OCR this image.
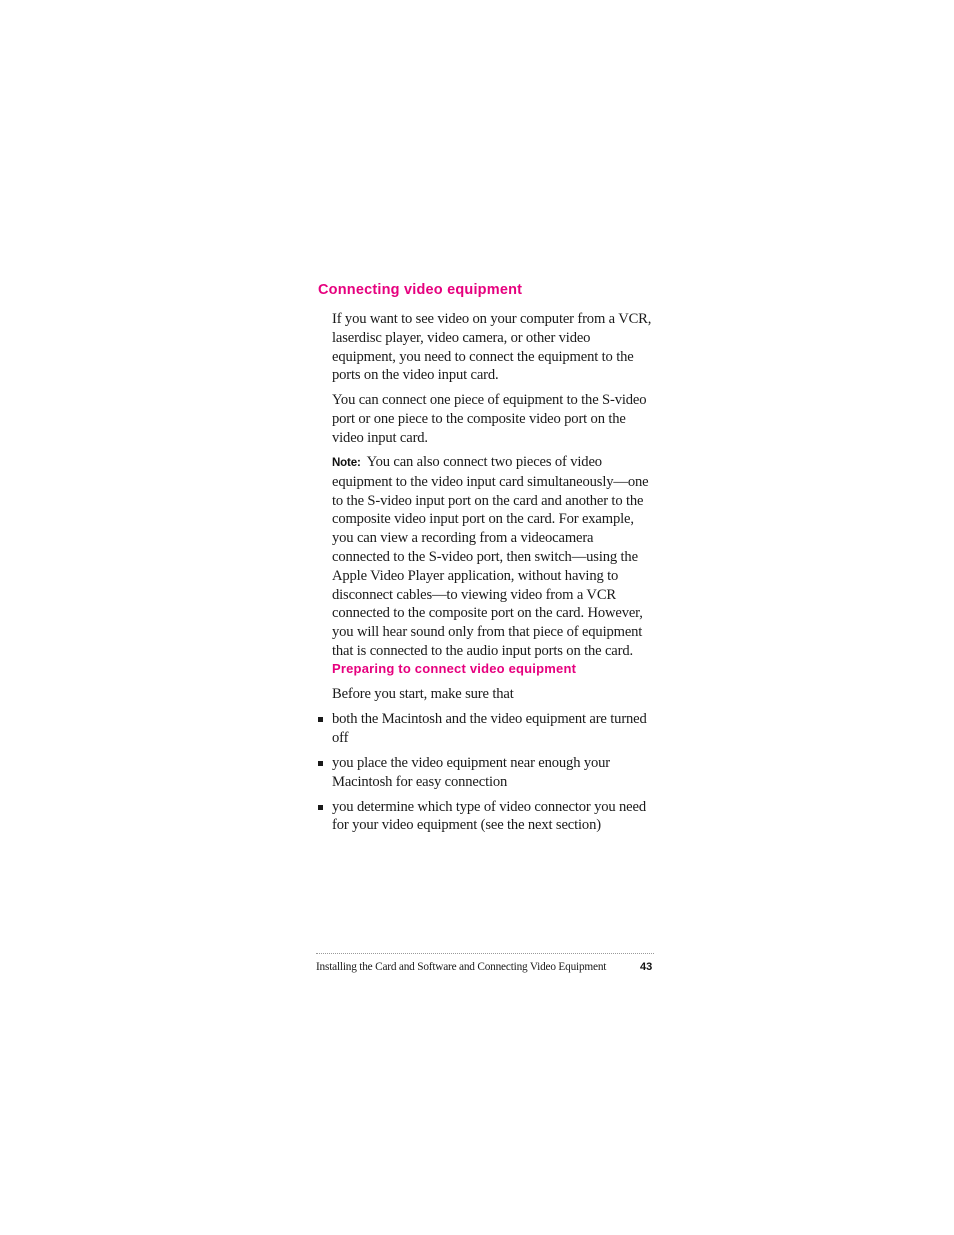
Connecting video equipment

If you want to see video on your computer from a VCR, laserdisc player, video camera, or other video equipment, you need to connect the equipment to the ports on the video input card.

You can connect one piece of equipment to the S-video port or one piece to the composite video port on the video input card.

Note: You can also connect two pieces of video equipment to the video input card simultaneously—one to the S-video input port on the card and another to the composite video input port on the card. For example, you can view a recording from a videocamera connected to the S-video port, then switch—using the Apple Video Player application, without having to disconnect cables—to viewing video from a VCR connected to the composite port on the card. However, you will hear sound only from that piece of equipment that is connected to the audio input ports on the card.

Preparing to connect video equipment

Before you start, make sure that

both the Macintosh and the video equipment are turned off
you place the video equipment near enough your Macintosh for easy connection
you determine which type of video connector you need for your video equipment (see the next section)
Installing the Card and Software and Connecting Video Equipment	43
